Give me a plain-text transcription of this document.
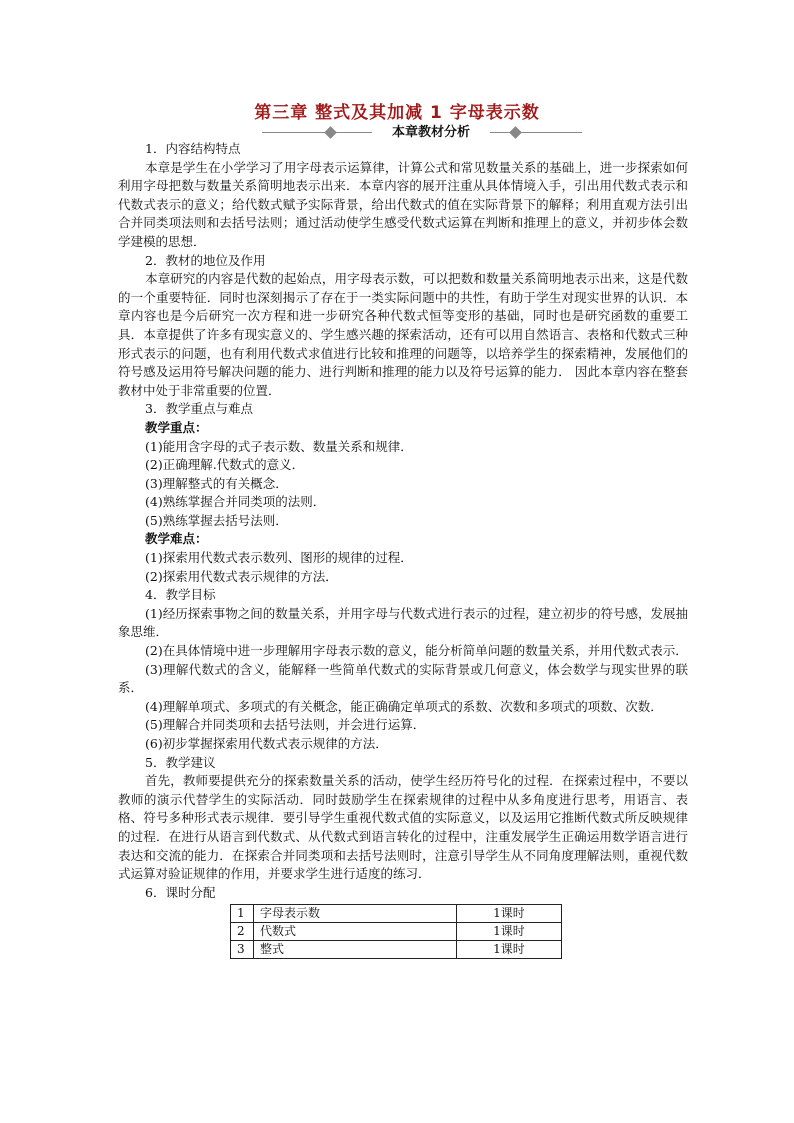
第三章 整式及其加减 1 字母表示数
本章教材分析

1．内容结构特点

本章是学生在小学学习了用字母表示运算律，计算公式和常见数量关系的基础上，进一步探索如何利用字母把数与数量关系简明地表示出来．本章内容的展开注重从具体情境入手，引出用代数式表示和代数式表示的意义；给代数式赋予实际背景，给出代数式的值在实际背景下的解释；利用直观方法引出合并同类项法则和去括号法则；通过活动使学生感受代数式运算在判断和推理上的意义，并初步体会数学建模的思想．

2．教材的地位及作用

本章研究的内容是代数的起始点，用字母表示数，可以把数和数量关系简明地表示出来，这是代数的一个重要特征．同时也深刻揭示了存在于一类实际问题中的共性，有助于学生对现实世界的认识．本章内容也是今后研究一次方程和进一步研究各种代数式恒等变形的基础，同时也是研究函数的重要工具．本章提供了许多有现实意义的、学生感兴趣的探索活动，还有可以用自然语言、表格和代数式三种形式表示的问题，也有利用代数式求值进行比较和推理的问题等，以培养学生的探索精神，发展他们的符号感及运用符号解决问题的能力、进行判断和推理的能力以及符号运算的能力． 因此本章内容在整套教材中处于非常重要的位置．

3．教学重点与难点

教学重点：

(1)能用含字母的式子表示数、数量关系和规律．

(2)正确理解.代数式的意义．

(3)理解整式的有关概念．

(4)熟练掌握合并同类项的法则．

(5)熟练掌握去括号法则．

教学难点：

(1)探索用代数式表示数列、图形的规律的过程．

(2)探索用代数式表示规律的方法．

4．教学目标

(1)经历探索事物之间的数量关系，并用字母与代数式进行表示的过程，建立初步的符号感，发展抽象思维．

(2)在具体情境中进一步理解用字母表示数的意义，能分析简单问题的数量关系，并用代数式表示．

(3)理解代数式的含义，能解释一些简单代数式的实际背景或几何意义，体会数学与现实世界的联系．

(4)理解单项式、多项式的有关概念，能正确确定单项式的系数、次数和多项式的项数、次数．

(5)理解合并同类项和去括号法则，并会进行运算．

(6)初步掌握探索用代数式表示规律的方法．

5．教学建议

首先，教师要提供充分的探索数量关系的活动，使学生经历符号化的过程．在探索过程中，不要以教师的演示代替学生的实际活动．同时鼓励学生在探索规律的过程中从多角度进行思考，用语言、表格、符号多种形式表示规律．要引导学生重视代数式值的实际意义，以及运用它推断代数式所反映规律的过程．在进行从语言到代数式、从代数式到语言转化的过程中，注重发展学生正确运用数学语言进行表达和交流的能力．在探索合并同类项和去括号法则时，注意引导学生从不同角度理解法则，重视代数式运算对验证规律的作用，并要求学生进行适度的练习．

6．课时分配

1	字母表示数	1课时
2	代数式	1课时
3	整式	1课时
